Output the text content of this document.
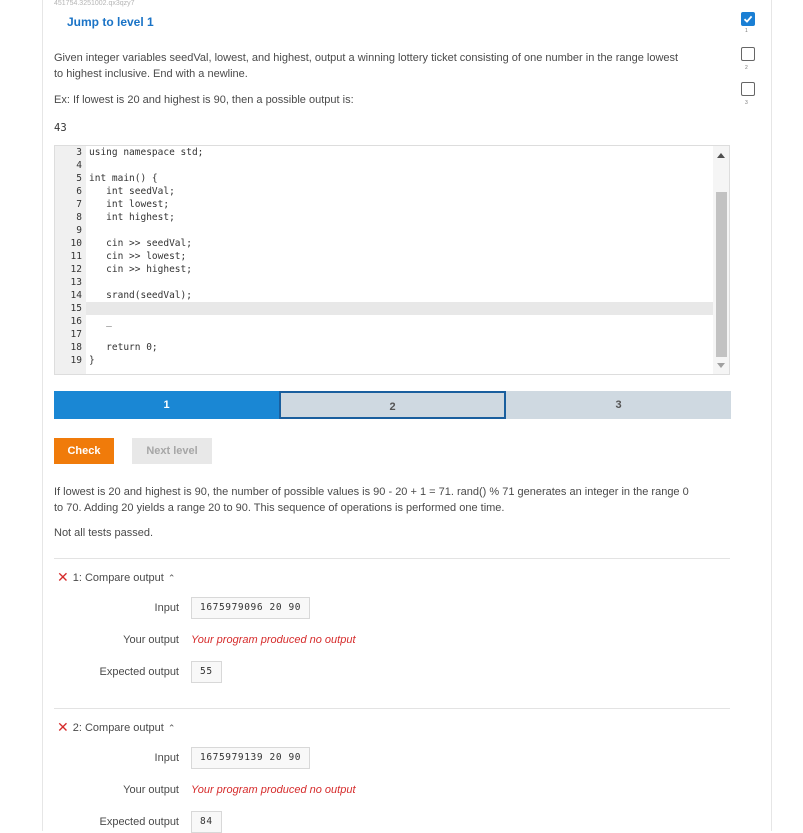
451754.3251002.qx3qzy7
Jump to level 1

Given integer variables seedVal, lowest, and highest, output a winning lottery ticket consisting of one number in the range lowest
to highest inclusive. End with a newline.

Ex: If lowest is 20 and highest is 90, then a possible output is:

43
1
2
3
3 using namespace std;
4
5 int main() {
6 int seedVal;
7 int lowest;
8 int highest;
9
10 cin >> seedVal;
11 cin >> lowest;
12 cin >> highest;
13
14 srand(seedVal);
15
16 _
17
18 return 0;
19 }
1	2	3
Check	Next level

If lowest is 20 and highest is 90, the number of possible values is 90 - 20 + 1 = 71. rand() % 71 generates an integer in the range 0
to 70. Adding 20 yields a range 20 to 90. This sequence of operations is performed one time.

Not all tests passed.
✕ 1: Compare output ⌃
Input	1675979096 20 90
Your output Your program produced no output
Expected output	55
✕ 2: Compare output ⌃
Input	1675979139 20 90
Your output Your program produced no output
Expected output	84
